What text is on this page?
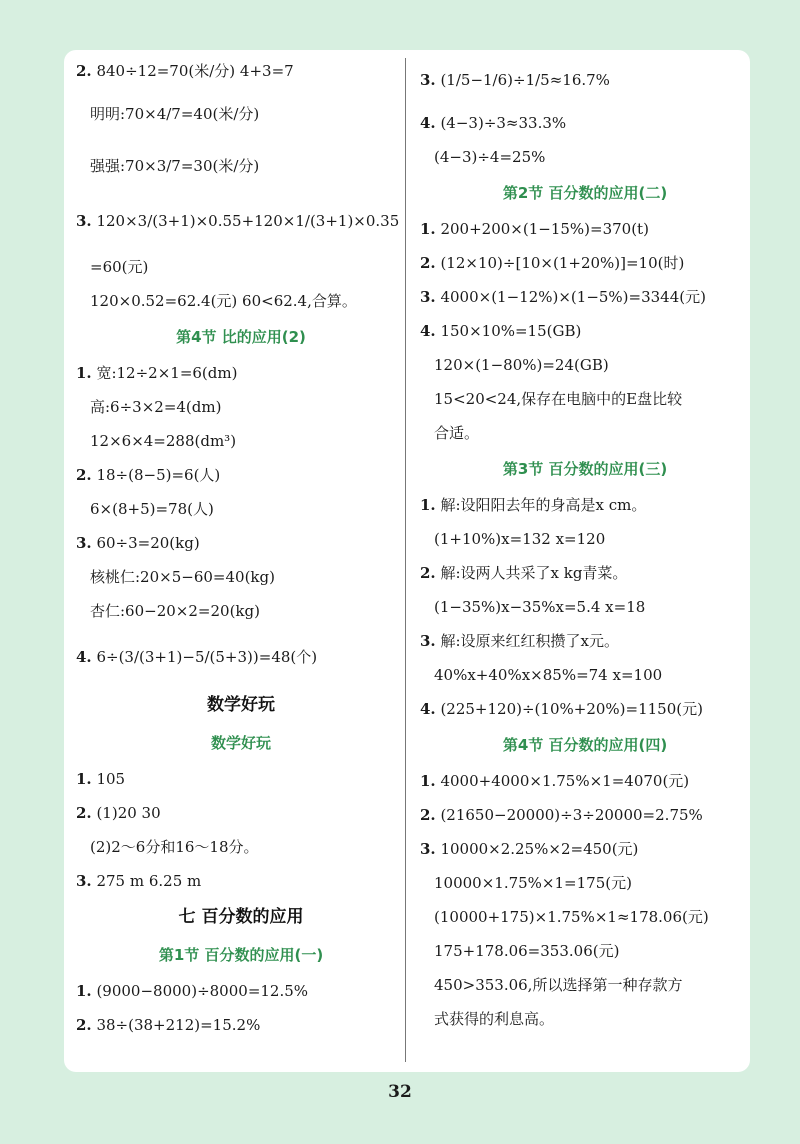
2. 840÷12=70(米/分) 4+3=7
明明:70×4/7=40(米/分)
强强:70×3/7=30(米/分)
3. 120×3/(3+1)×0.55+120×1/(3+1)×0.35
=60(元)
120×0.52=62.4(元) 60<62.4,合算。
第4节 比的应用(2)
1. 宽:12÷2×1=6(dm)
高:6÷3×2=4(dm)
12×6×4=288(dm³)
2. 18÷(8−5)=6(人)
6×(8+5)=78(人)
3. 60÷3=20(kg)
核桃仁:20×5−60=40(kg)
杏仁:60−20×2=20(kg)
4. 6÷(3/(3+1)−5/(5+3))=48(个)
数学好玩
数学好玩
1. 105
2. (1)20 30
(2)2～6分和16～18分。
3. 275 m 6.25 m
七 百分数的应用
第1节 百分数的应用(一)
1. (9000−8000)÷8000=12.5%
2. 38÷(38+212)=15.2%
3. (1/5−1/6)÷1/5≈16.7%
4. (4−3)÷3≈33.3%
(4−3)÷4=25%
第2节 百分数的应用(二)
1. 200+200×(1−15%)=370(t)
2. (12×10)÷[10×(1+20%)]=10(时)
3. 4000×(1−12%)×(1−5%)=3344(元)
4. 150×10%=15(GB)
120×(1−80%)=24(GB)
15<20<24,保存在电脑中的E盘比较
合适。
第3节 百分数的应用(三)
1. 解:设阳阳去年的身高是x cm。
(1+10%)x=132 x=120
2. 解:设两人共采了x kg青菜。
(1−35%)x−35%x=5.4 x=18
3. 解:设原来红红积攒了x元。
40%x+40%x×85%=74 x=100
4. (225+120)÷(10%+20%)=1150(元)
第4节 百分数的应用(四)
1. 4000+4000×1.75%×1=4070(元)
2. (21650−20000)÷3÷20000=2.75%
3. 10000×2.25%×2=450(元)
10000×1.75%×1=175(元)
(10000+175)×1.75%×1≈178.06(元)
175+178.06=353.06(元)
450>353.06,所以选择第一种存款方
式获得的利息高。
32
